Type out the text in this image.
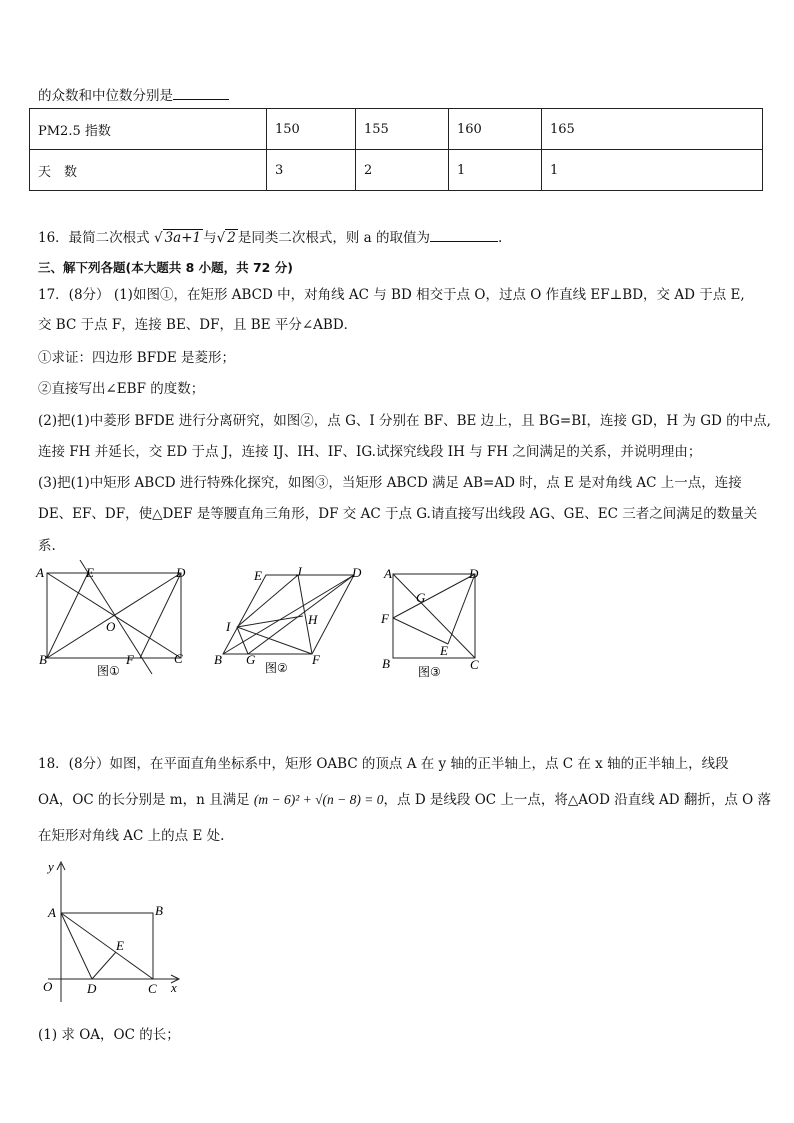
的众数和中位数分别是
PM2.5 指数	150	155	160	165
天　数	3	2	1	1
16．最简二次根式 √ 3a+1 与√ 2 是同类二次根式，则 a 的取值为	.
三、解下列各题(本大题共 8 小题，共 72 分)
17．(8分） (1)如图①，在矩形 ABCD 中，对角线 AC 与 BD 相交于点 O，过点 O 作直线 EF⊥BD，交 AD 于点 E,
交 BC 于点 F，连接 BE、DF，且 BE 平分∠ABD．
①求证：四边形 BFDE 是菱形；
②直接写出∠EBF 的度数；
(2)把(1)中菱形 BFDE 进行分离研究，如图②，点 G、I 分别在 BF、BE 边上，且 BG=BI，连接 GD，H 为 GD 的中点,
连接 FH 并延长，交 ED 于点 J，连接 IJ、IH、IF、IG.试探究线段 IH 与 FH 之间满足的关系，并说明理由；
(3)把(1)中矩形 ABCD 进行特殊化探究，如图③，当矩形 ABCD 满足 AB=AD 时，点 E 是对角线 AC 上一点，连接
DE、EF、DF，使△DEF 是等腰直角三角形，DF 交 AC 于点 G.请直接写出线段 AG、GE、EC 三者之间满足的数量关
系.
A	E	D
O
B	F	C
图①
E	J	D
I	H
B G	F
图②
A	D
G
F
E
B	C
图③
18．(8分）如图，在平面直角坐标系中，矩形 OABC 的顶点 A 在 y 轴的正半轴上，点 C 在 x 轴的正半轴上，线段
OA，OC 的长分别是 m，n 且满足 (m − 6)² + √(n − 8) = 0，点 D 是线段 OC 上一点，将△AOD 沿直线 AD 翻折，点 O 落
在矩形对角线 AC 上的点 E 处.
y
A	B
E
O	D	C x
(1) 求 OA，OC 的长；
